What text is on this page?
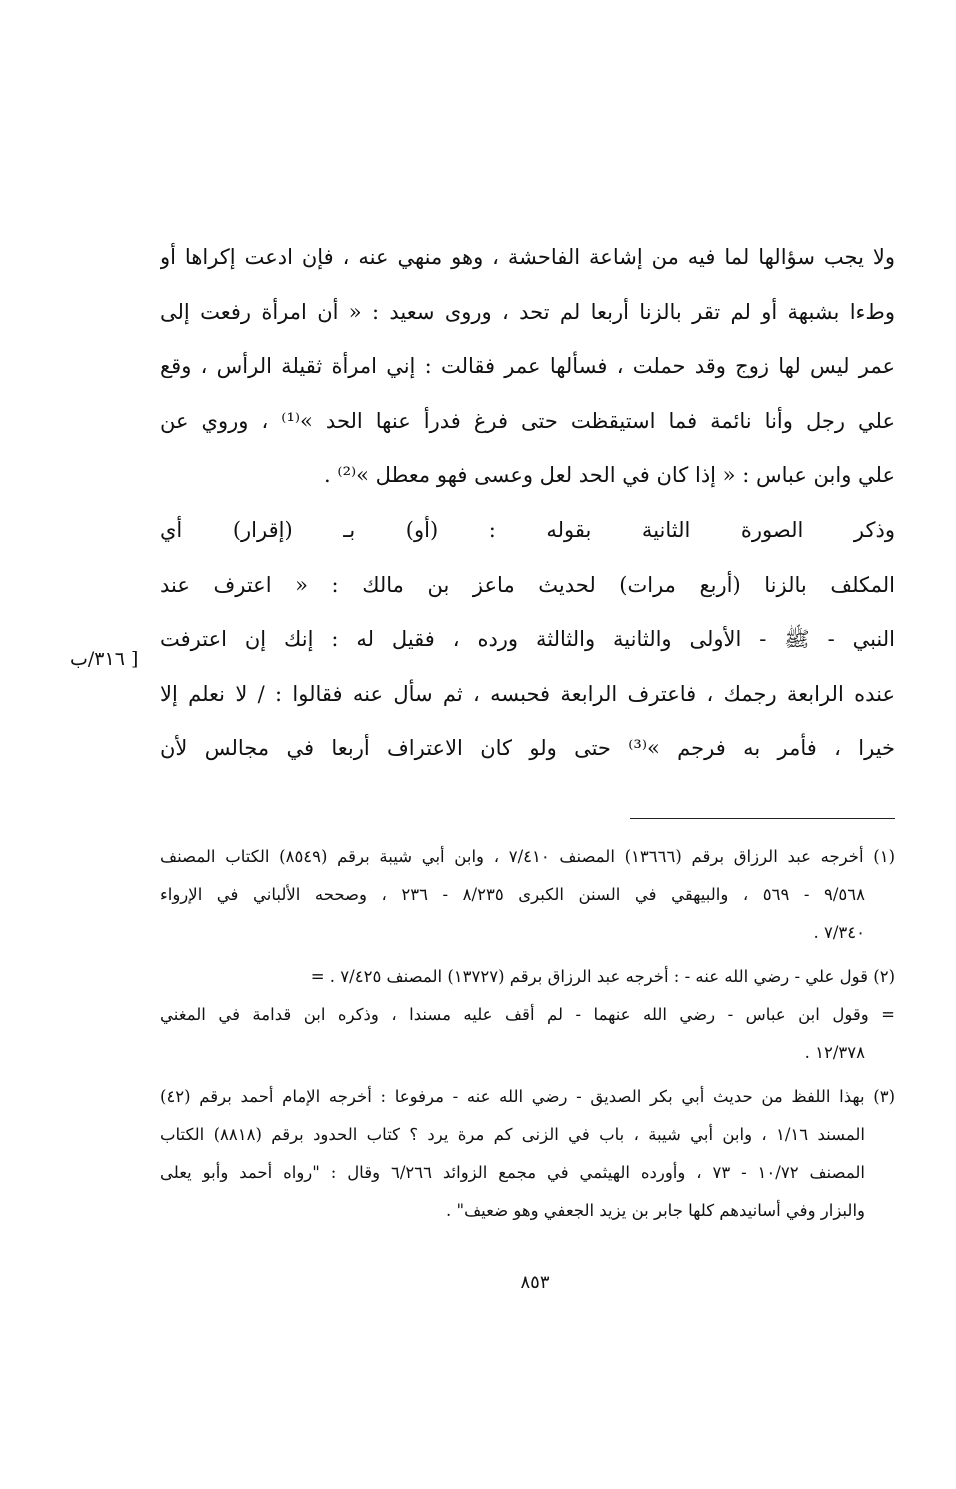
ولا يجب سؤالها لما فيه من إشاعة الفاحشة ، وهو منهي عنه ، فإن ادعت إكراها أو
وطءا بشبهة أو لم تقر بالزنا أربعا لم تحد ، وروى سعيد : « أن امرأة رفعت إلى
عمر ليس لها زوج وقد حملت ، فسألها عمر فقالت : إني امرأة ثقيلة الرأس ، وقع
علي رجل وأنا نائمة فما استيقظت حتى فرغ فدرأ عنها الحد »⁽¹⁾ ، وروي عن
علي وابن عباس : « إذا كان في الحد لعل وعسى فهو معطل »⁽²⁾ .
وذكر الصورة الثانية بقوله : (أو) بـ (إقرار) أي
المكلف بالزنا (أربع مرات) لحديث ماعز بن مالك : « اعترف عند
النبي - ﷺ - الأولى والثانية والثالثة ورده ، فقيل له : إنك إن اعترفت
عنده الرابعة رجمك ، فاعترف الرابعة فحبسه ، ثم سأل عنه فقالوا : / لا نعلم إلا
خيرا ، فأمر به فرجم »⁽³⁾ حتى ولو كان الاعتراف أربعا في مجالس لأن
[ ٣١٦/ب
(١) أخرجه عبد الرزاق برقم (١٣٦٦٦) المصنف ٧/٤١٠ ، وابن أبي شيبة برقم (٨٥٤٩) الكتاب المصنف
٩/٥٦٨ - ٥٦٩ ، والبيهقي في السنن الكبرى ٨/٢٣٥ - ٢٣٦ ، وصححه الألباني في الإرواء
٧/٣٤٠ .
(٢) قول علي - رضي الله عنه - : أخرجه عبد الرزاق برقم (١٣٧٢٧) المصنف ٧/٤٢٥ . =
= وقول ابن عباس - رضي الله عنهما - لم أقف عليه مسندا ، وذكره ابن قدامة في المغني
١٢/٣٧٨ .
(٣) بهذا اللفظ من حديث أبي بكر الصديق - رضي الله عنه - مرفوعا : أخرجه الإمام أحمد برقم (٤٢)
المسند ١/١٦ ، وابن أبي شيبة ، باب في الزنى كم مرة يرد ؟ كتاب الحدود برقم (٨٨١٨) الكتاب
المصنف ١٠/٧٢ - ٧٣ ، وأورده الهيثمي في مجمع الزوائد ٦/٢٦٦ وقال : "رواه أحمد وأبو يعلى
والبزار وفي أسانيدهم كلها جابر بن يزيد الجعفي وهو ضعيف" .
٨٥٣
